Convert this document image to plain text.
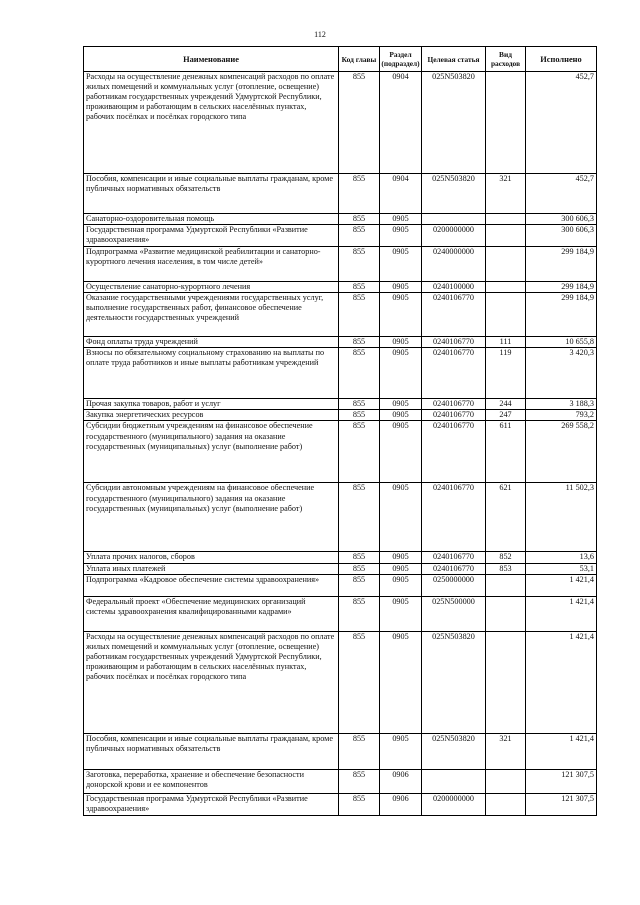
112
Наименование	Код главы	Раздел (подраздел)	Целевая статья	Вид расходов	Исполнено
Расходы на осуществление денежных компенсаций расходов по оплате жилых помещений и коммунальных услуг (отопление, освещение) работникам государственных учреждений Удмуртской Республики, проживающим и работающим в сельских населённых пунктах, рабочих посёлках и посёлках городского типа	855	0904	025N503820		452,7
Пособия, компенсации и иные социальные выплаты гражданам, кроме публичных нормативных обязательств	855	0904	025N503820	321	452,7
Санаторно-оздоровительная помощь	855	0905			300 606,3
Государственная программа Удмуртской Республики «Развитие здравоохранения»	855	0905	0200000000		300 606,3
Подпрограмма «Развитие медицинской реабилитации и санаторно-курортного лечения населения, в том числе детей»	855	0905	0240000000		299 184,9
Осуществление санаторно-курортного лечения	855	0905	0240100000		299 184,9
Оказание государственными учреждениями государственных услуг, выполнение государственных работ, финансовое обеспечение деятельности государственных учреждений	855	0905	0240106770		299 184,9
Фонд оплаты труда учреждений	855	0905	0240106770	111	10 655,8
Взносы по обязательному социальному страхованию на выплаты по оплате труда работников и иные выплаты работникам учреждений	855	0905	0240106770	119	3 420,3
Прочая закупка товаров, работ и услуг	855	0905	0240106770	244	3 188,3
Закупка энергетических ресурсов	855	0905	0240106770	247	793,2
Субсидии бюджетным учреждениям на финансовое обеспечение государственного (муниципального) задания на оказание государственных (муниципальных) услуг (выполнение работ)	855	0905	0240106770	611	269 558,2
Субсидии автономным учреждениям на финансовое обеспечение государственного (муниципального) задания на оказание государственных (муниципальных) услуг (выполнение работ)	855	0905	0240106770	621	11 502,3
Уплата прочих налогов, сборов	855	0905	0240106770	852	13,6
Уплата иных платежей	855	0905	0240106770	853	53,1
Подпрограмма «Кадровое обеспечение системы здравоохранения»	855	0905	0250000000		1 421,4
Федеральный проект «Обеспечение медицинских организаций системы здравоохранения квалифицированными кадрами»	855	0905	025N500000		1 421,4
Расходы на осуществление денежных компенсаций расходов по оплате жилых помещений и коммунальных услуг (отопление, освещение) работникам государственных учреждений Удмуртской Республики, проживающим и работающим в сельских населённых пунктах, рабочих посёлках и посёлках городского типа	855	0905	025N503820		1 421,4
Пособия, компенсации и иные социальные выплаты гражданам, кроме публичных нормативных обязательств	855	0905	025N503820	321	1 421,4
Заготовка, переработка, хранение и обеспечение безопасности донорской крови и ее компонентов	855	0906			121 307,5
Государственная программа Удмуртской Республики «Развитие здравоохранения»	855	0906	0200000000		121 307,5
